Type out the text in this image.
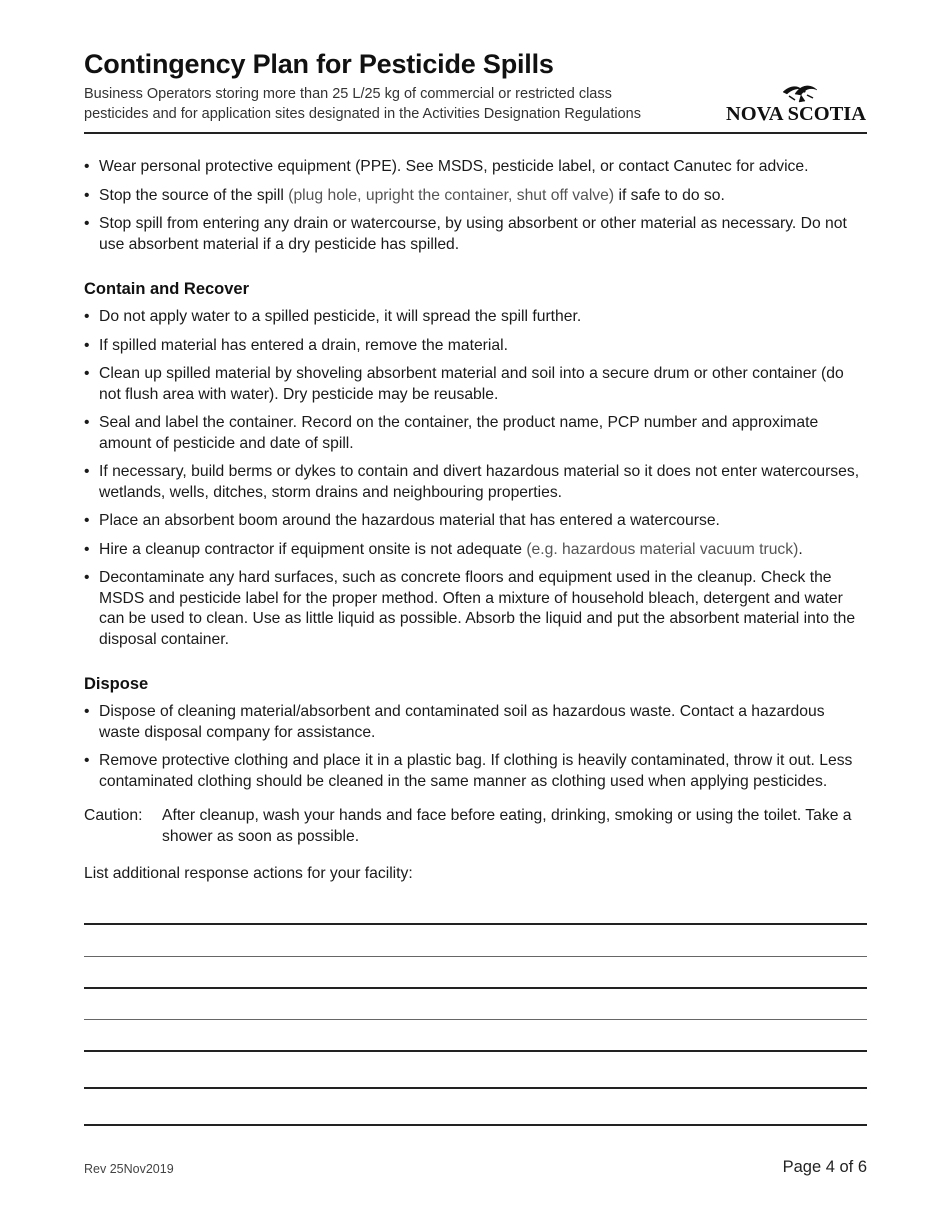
Contingency Plan for Pesticide Spills
Business Operators storing more than 25 L/25 kg of commercial or restricted class
pesticides and for application sites designated in the Activities Designation Regulations	NOVA SCOTIA
• Wear personal protective equipment (PPE). See MSDS, pesticide label, or contact Canutec for advice.
• Stop the source of the spill (plug hole, upright the container, shut off valve) if safe to do so.
• Stop spill from entering any drain or watercourse, by using absorbent or other material as necessary. Do not use absorbent material if a dry pesticide has spilled.
Contain and Recover
• Do not apply water to a spilled pesticide, it will spread the spill further.
• If spilled material has entered a drain, remove the material.
• Clean up spilled material by shoveling absorbent material and soil into a secure drum or other container (do not flush area with water). Dry pesticide may be reusable.
• Seal and label the container. Record on the container, the product name, PCP number and approximate amount of pesticide and date of spill.
• If necessary, build berms or dykes to contain and divert hazardous material so it does not enter watercourses, wetlands, wells, ditches, storm drains and neighbouring properties.
• Place an absorbent boom around the hazardous material that has entered a watercourse.
• Hire a cleanup contractor if equipment onsite is not adequate (e.g. hazardous material vacuum truck).
• Decontaminate any hard surfaces, such as concrete floors and equipment used in the cleanup. Check the MSDS and pesticide label for the proper method. Often a mixture of household bleach, detergent and water can be used to clean. Use as little liquid as possible. Absorb the liquid and put the absorbent material into the disposal container.
Dispose
• Dispose of cleaning material/absorbent and contaminated soil as hazardous waste. Contact a hazardous waste disposal company for assistance.
• Remove protective clothing and place it in a plastic bag. If clothing is heavily contaminated, throw it out. Less contaminated clothing should be cleaned in the same manner as clothing used when applying pesticides.
Caution:	After cleanup, wash your hands and face before eating, drinking, smoking or using the toilet. Take a shower as soon as possible.
List additional response actions for your facility:
Rev 25Nov2019	Page 4 of 6
